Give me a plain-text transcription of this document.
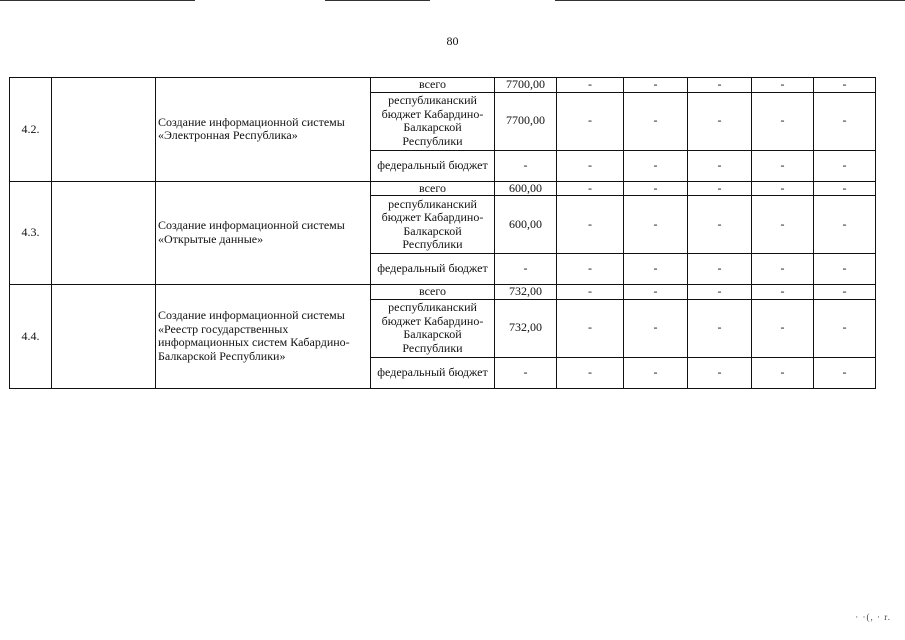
80
4.2.		Создание информационной системы «Электронная Республика»	всего	7700,00	-	-	-	-	-
			республиканский бюджет Кабардино-Балкарской Республики	7700,00	-	-	-	-	-
			федеральный бюджет	-	-	-	-	-	-
4.3.		Создание информационной системы «Открытые данные»	всего	600,00	-	-	-	-	-
			республиканский бюджет Кабардино-Балкарской Республики	600,00	-	-	-	-	-
			федеральный бюджет	-	-	-	-	-	-
4.4.		Создание информационной системы «Реестр государственных информационных систем Кабардино-Балкарской Республики»	всего	732,00	-	-	-	-	-
			республиканский бюджет Кабардино-Балкарской Республики	732,00	-	-	-	-	-
			федеральный бюджет	-	-	-	-	-	-
· ·(, · r.
